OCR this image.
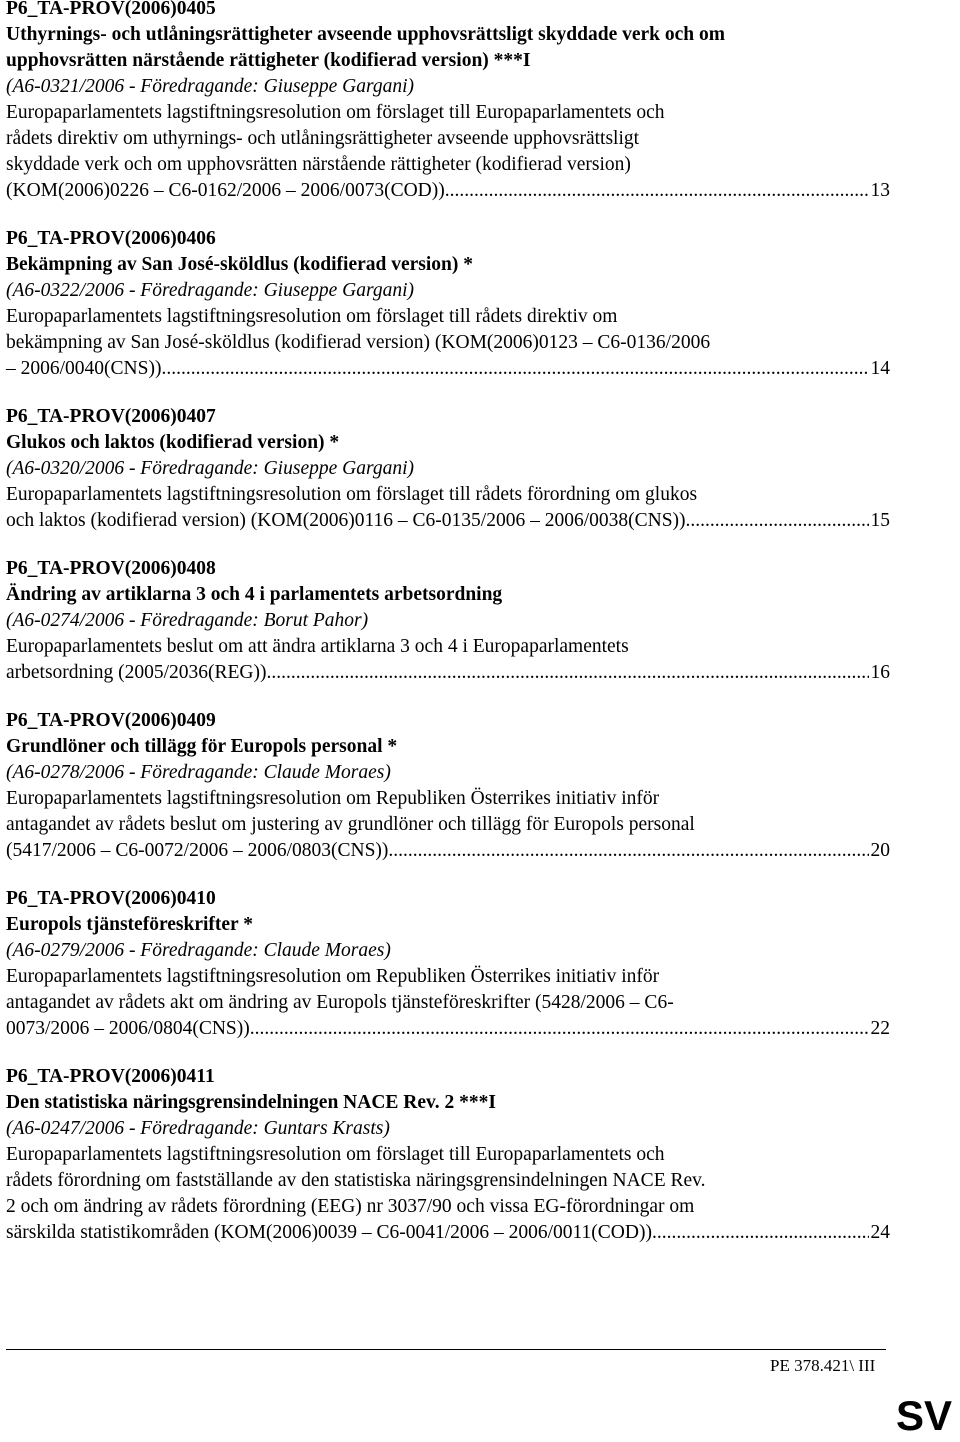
P6_TA-PROV(2006)0405
Uthyrnings- och utlåningsrättigheter avseende upphovsrättsligt skyddade verk och om
upphovsrätten närstående rättigheter (kodifierad version) ***I
(A6-0321/2006 - Föredragande: Giuseppe Gargani)
Europaparlamentets lagstiftningsresolution om förslaget till Europaparlamentets och
rådets direktiv om uthyrnings- och utlåningsrättigheter avseende upphovsrättsligt
skyddade verk och om upphovsrätten närstående rättigheter (kodifierad version)
(KOM(2006)0226 – C6-0162/2006 – 2006/0073(COD)) .....	13
P6_TA-PROV(2006)0406
Bekämpning av San José-sköldlus (kodifierad version) *
(A6-0322/2006 - Föredragande: Giuseppe Gargani)
Europaparlamentets lagstiftningsresolution om förslaget till rådets direktiv om
bekämpning av San José-sköldlus (kodifierad version) (KOM(2006)0123 – C6-0136/2006
– 2006/0040(CNS)) .....	14
P6_TA-PROV(2006)0407
Glukos och laktos (kodifierad version) *
(A6-0320/2006 - Föredragande: Giuseppe Gargani)
Europaparlamentets lagstiftningsresolution om förslaget till rådets förordning om glukos
och laktos (kodifierad version) (KOM(2006)0116 – C6-0135/2006 – 2006/0038(CNS)) .....	15
P6_TA-PROV(2006)0408
Ändring av artiklarna 3 och 4 i parlamentets arbetsordning
(A6-0274/2006 - Föredragande: Borut Pahor)
Europaparlamentets beslut om att ändra artiklarna 3 och 4 i Europaparlamentets
arbetsordning (2005/2036(REG)) .....	16
P6_TA-PROV(2006)0409
Grundlöner och tillägg för Europols personal *
(A6-0278/2006 - Föredragande: Claude Moraes)
Europaparlamentets lagstiftningsresolution om Republiken Österrikes initiativ inför
antagandet av rådets beslut om justering av grundlöner och tillägg för Europols personal
(5417/2006 – C6-0072/2006 – 2006/0803(CNS)) .....	20
P6_TA-PROV(2006)0410
Europols tjänsteföreskrifter *
(A6-0279/2006 - Föredragande: Claude Moraes)
Europaparlamentets lagstiftningsresolution om Republiken Österrikes initiativ inför
antagandet av rådets akt om ändring av Europols tjänsteföreskrifter (5428/2006 – C6-
0073/2006 – 2006/0804(CNS)) .....	22
P6_TA-PROV(2006)0411
Den statistiska näringsgrensindelningen NACE Rev. 2 ***I
(A6-0247/2006 - Föredragande: Guntars Krasts)
Europaparlamentets lagstiftningsresolution om förslaget till Europaparlamentets och
rådets förordning om fastställande av den statistiska näringsgrensindelningen NACE Rev.
2 och om ändring av rådets förordning (EEG) nr 3037/90 och vissa EG-förordningar om
särskilda statistikområden (KOM(2006)0039 – C6-0041/2006 – 2006/0011(COD)) .....	24
PE 378.421\ III
SV
